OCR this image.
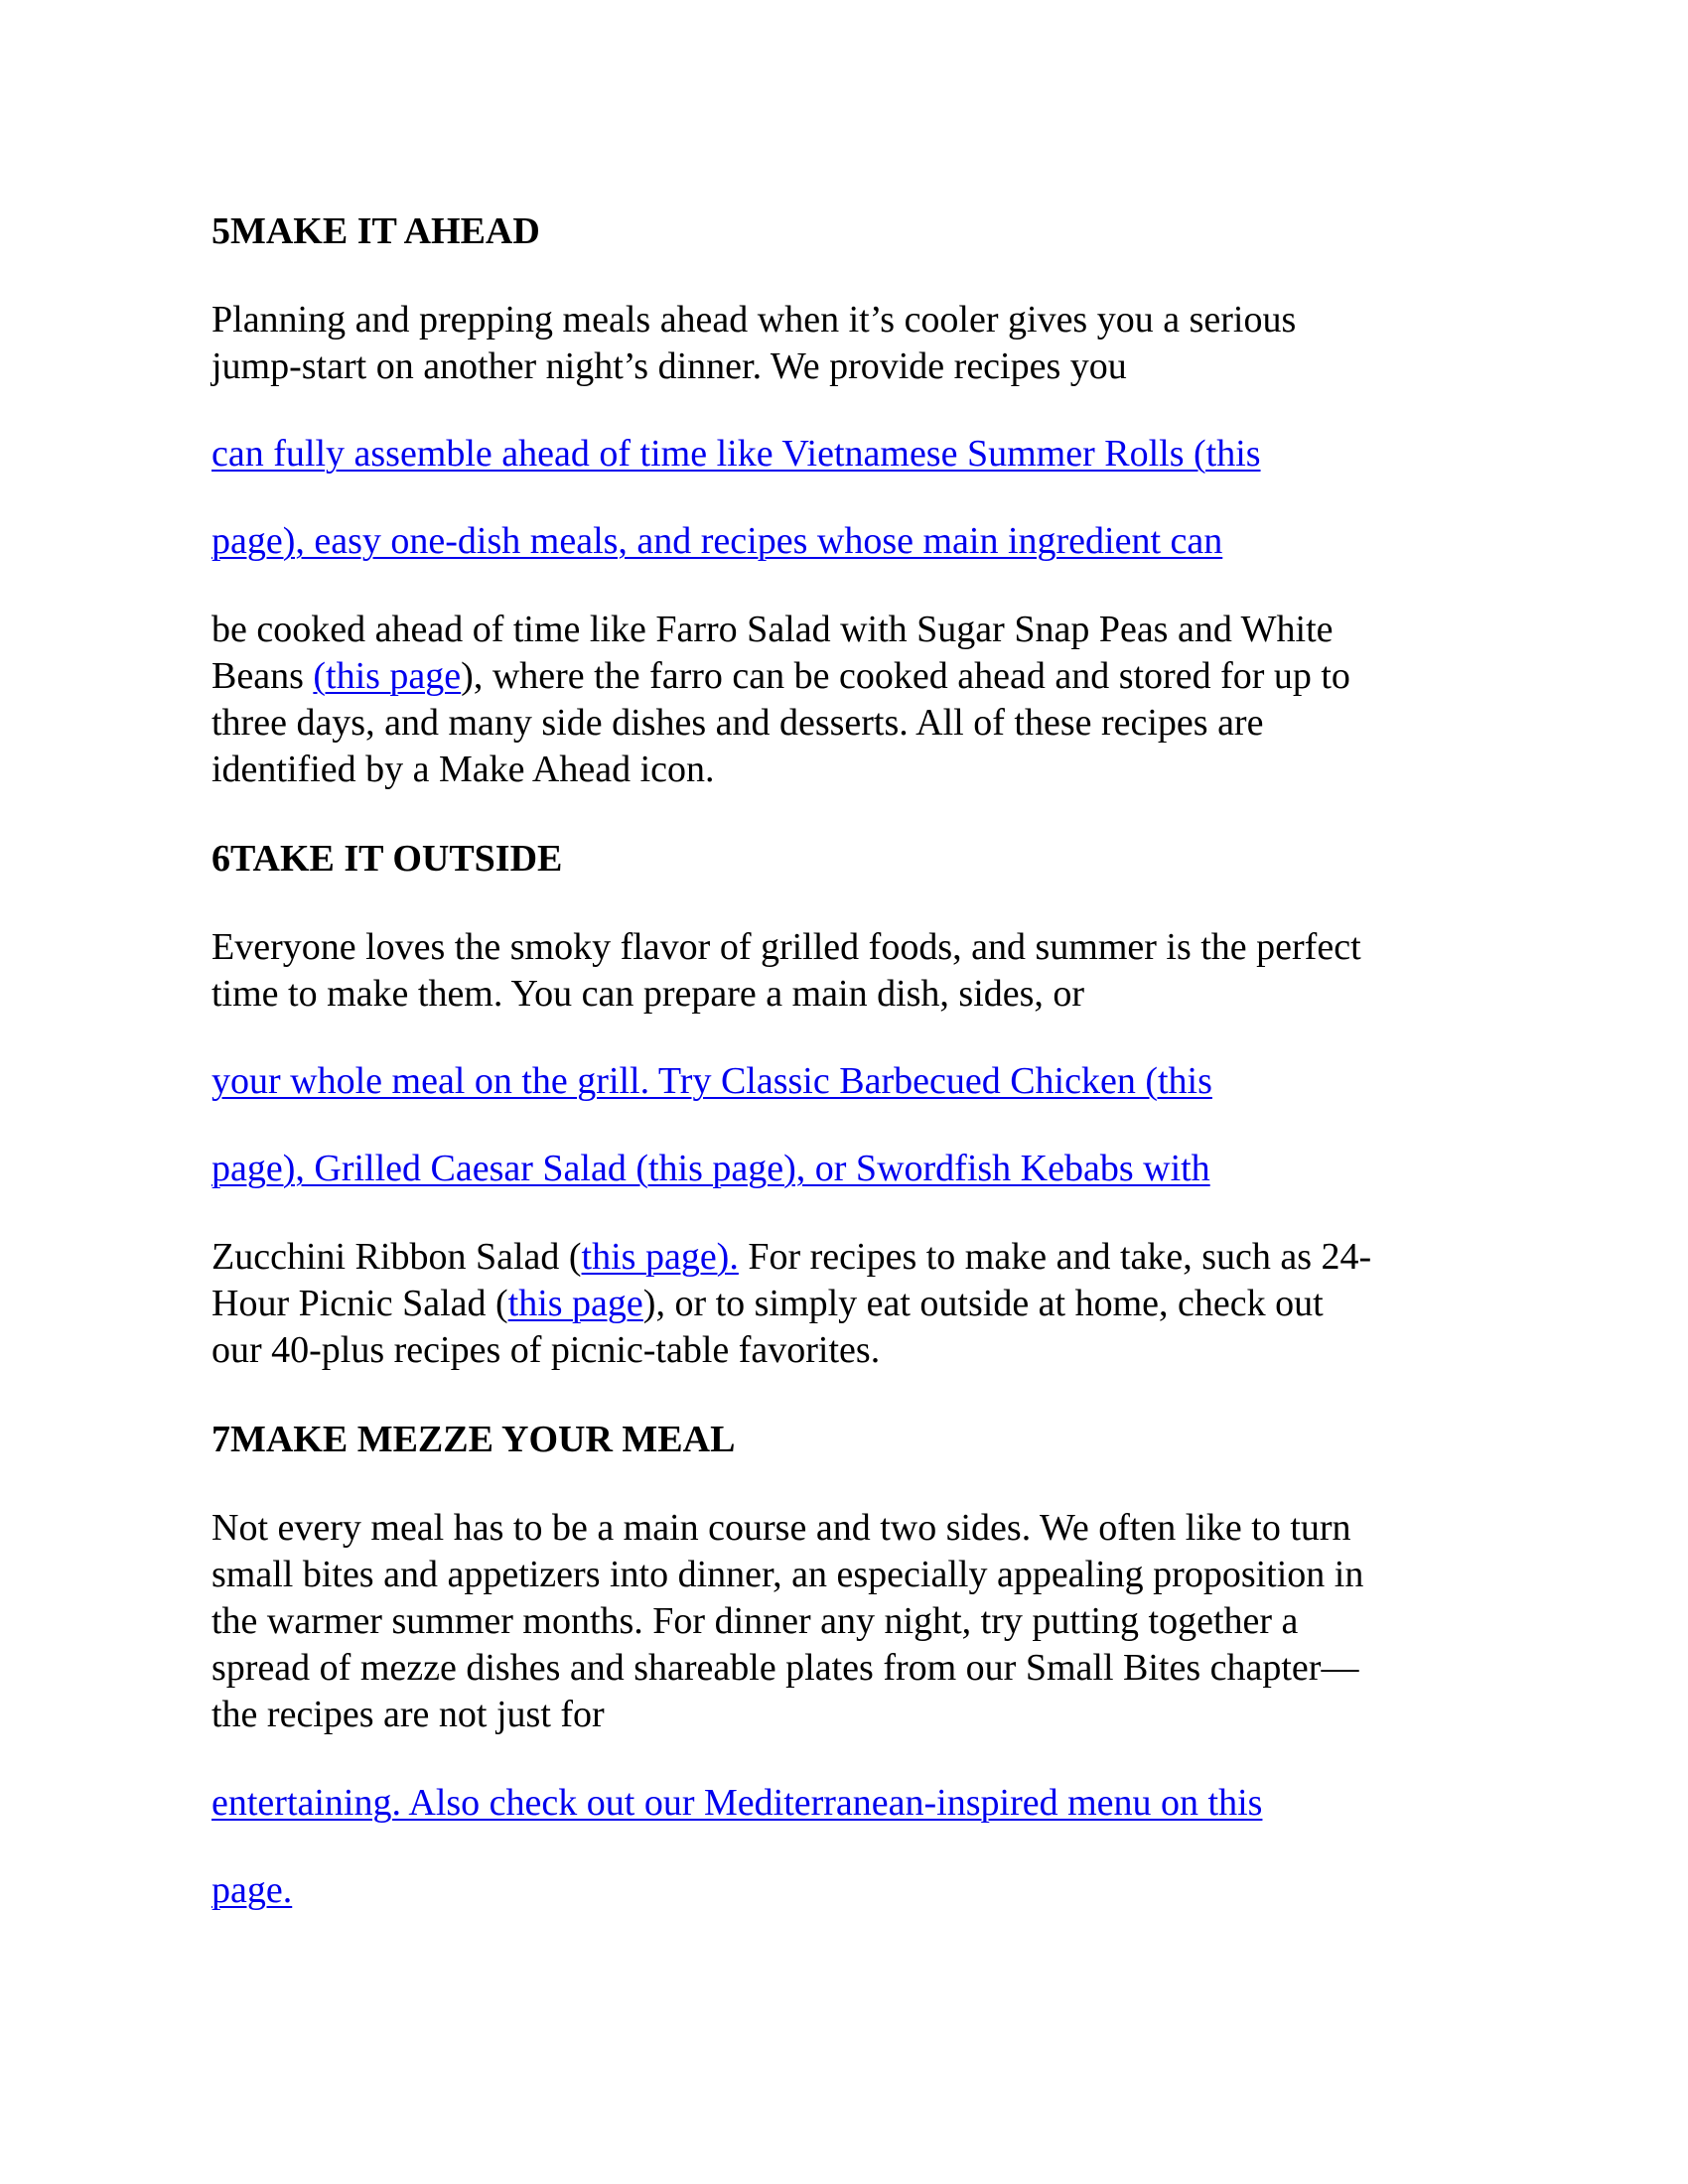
5MAKE IT AHEAD

Planning and prepping meals ahead when it’s cooler gives you a serious
jump-start on another night’s dinner. We provide recipes you

can fully assemble ahead of time like Vietnamese Summer Rolls (this
page), easy one-dish meals, and recipes whose main ingredient can

be cooked ahead of time like Farro Salad with Sugar Snap Peas and White
Beans (this page), where the farro can be cooked ahead and stored for up to
three days, and many side dishes and desserts. All of these recipes are
identified by a Make Ahead icon.

6TAKE IT OUTSIDE

Everyone loves the smoky flavor of grilled foods, and summer is the perfect
time to make them. You can prepare a main dish, sides, or

your whole meal on the grill. Try Classic Barbecued Chicken (this
page), Grilled Caesar Salad (this page), or Swordfish Kebabs with

Zucchini Ribbon Salad (this page). For recipes to make and take, such as 24-
Hour Picnic Salad (this page), or to simply eat outside at home, check out
our 40-plus recipes of picnic-table favorites.

7MAKE MEZZE YOUR MEAL

Not every meal has to be a main course and two sides. We often like to turn
small bites and appetizers into dinner, an especially appealing proposition in
the warmer summer months. For dinner any night, try putting together a
spread of mezze dishes and shareable plates from our Small Bites chapter—
the recipes are not just for

entertaining. Also check out our Mediterranean-inspired menu on this
page.
